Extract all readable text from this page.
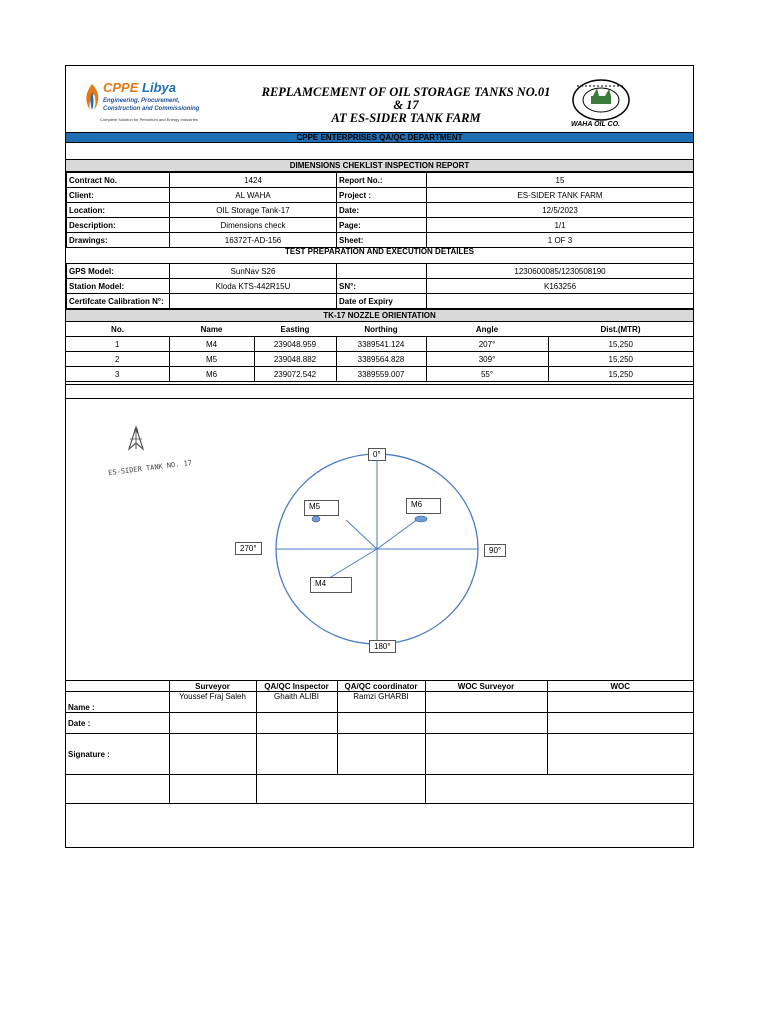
CPPE Libya
Engineering, Procurement,
Construction and Commissioning
Complete Solution for Petroleum and Energy Industries
REPLAMCEMENT OF OIL STORAGE TANKS NO.01 & 17
AT ES-SIDER TANK FARM	WAHA OIL CO.
CPPE ENTERPRISES QA/QC DEPARTMENT
DIMENSIONS CHEKLIST INSPECTION REPORT
Contract No.	1424	Report No.:	15
Client:	AL WAHA	Project :	ES-SIDER TANK FARM
Location:	OIL Storage Tank-17	Date:	12/5/2023
Description:	Dimensions check	Page:	1/1
Drawings:	16372T-AD-156	Sheet:	1 OF 3
TEST PREPARATION AND EXECUTION DETAILES
GPS Model:	SunNav S26		1230600085/1230508190
Station Model:	Kloda KTS-442R15U	SN°:	K163256
Certifcate Calibration N°:		Date of Expiry	
TK-17 NOZZLE ORIENTATION
No.	Name	Easting	Northing	Angle	Dist.(MTR)
1	M4	239048.959	3389541.124	207°	15,250
2	M5	239048.882	3389564.828	309°	15,250
3	M6	239072.542	3389559.007	55°	15,250
ES-SIDER TANK NO. 17
N
0°
90°
180°
270°
M5	M6
M4
	Surveyor	QA/QC Inspector	QA/QC coordinator	WOC Surveyor	WOC
Name :	Youssef Fraj Saleh	Ghaith ALIBI	Ramzi GHARBI		
Date :					
Signature :					
